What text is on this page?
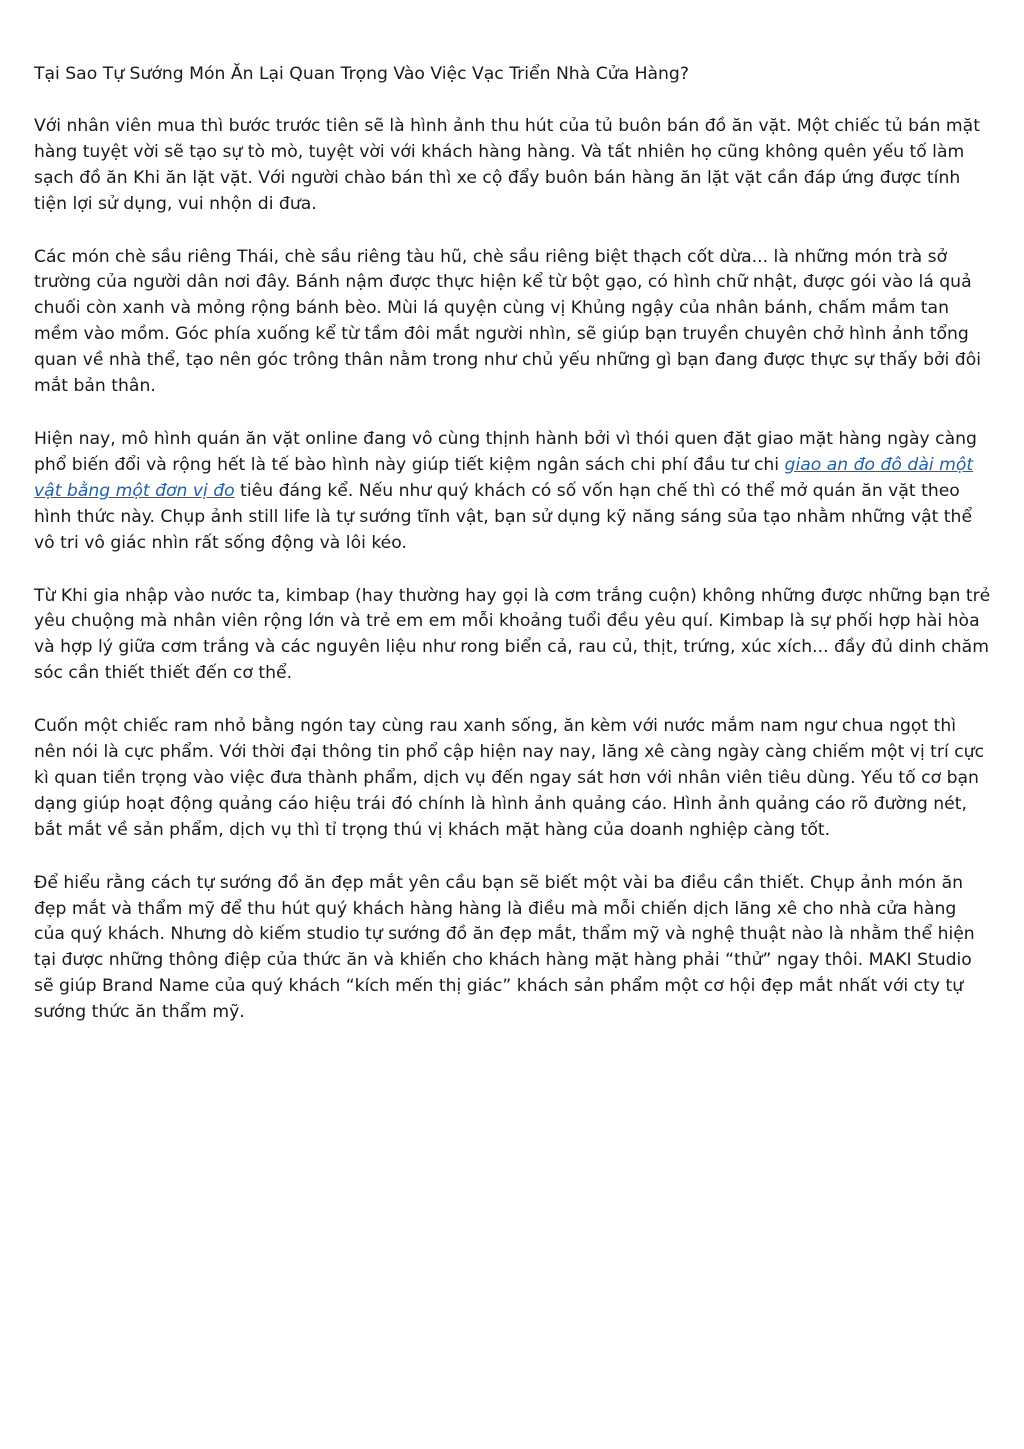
Tại Sao Tự Sướng Món Ăn Lại Quan Trọng Vào Việc Vạc Triển Nhà Cửa Hàng?

Với nhân viên mua thì bước trước tiên sẽ là hình ảnh thu hút của tủ buôn bán đồ ăn vặt. Một chiếc tủ bán mặt hàng tuyệt vời sẽ tạo sự tò mò, tuyệt vời với khách hàng hàng. Và tất nhiên họ cũng không quên yếu tố làm sạch đồ ăn Khi ăn lặt vặt. Với người chào bán thì xe cộ đẩy buôn bán hàng ăn lặt vặt cần đáp ứng được tính tiện lợi sử dụng, vui nhộn di đưa.

Các món chè sầu riêng Thái, chè sầu riêng tàu hũ, chè sầu riêng biệt thạch cốt dừa... là những món trà sở trường của người dân nơi đây. Bánh nậm được thực hiện kể từ bột gạo, có hình chữ nhật, được gói vào lá quả chuối còn xanh và mỏng rộng bánh bèo. Mùi lá quyện cùng vị Khủng ngậy của nhân bánh, chấm mắm tan mềm vào mồm. Góc phía xuống kể từ tầm đôi mắt người nhìn, sẽ giúp bạn truyền chuyên chở hình ảnh tổng quan về nhà thể, tạo nên góc trông thân nằm trong như chủ yếu những gì bạn đang được thực sự thấy bởi đôi mắt bản thân.

Hiện nay, mô hình quán ăn vặt online đang vô cùng thịnh hành bởi vì thói quen đặt giao mặt hàng ngày càng phổ biến đổi và rộng hết là tế bào hình này giúp tiết kiệm ngân sách chi phí đầu tư chi giao an đo đô dài một vật bằng một đơn vị đo tiêu đáng kể. Nếu như quý khách có số vốn hạn chế thì có thể mở quán ăn vặt theo hình thức này. Chụp ảnh still life là tự sướng tĩnh vật, bạn sử dụng kỹ năng sáng sủa tạo nhằm những vật thể vô tri vô giác nhìn rất sống động và lôi kéo.

Từ Khi gia nhập vào nước ta, kimbap (hay thường hay gọi là cơm trắng cuộn) không những được những bạn trẻ yêu chuộng mà nhân viên rộng lớn và trẻ em em mỗi khoảng tuổi đều yêu quí. Kimbap là sự phối hợp hài hòa và hợp lý giữa cơm trắng và các nguyên liệu như rong biển cả, rau củ, thịt, trứng, xúc xích... đầy đủ dinh chăm sóc cần thiết thiết đến cơ thể.

Cuốn một chiếc ram nhỏ bằng ngón tay cùng rau xanh sống, ăn kèm với nước mắm nam ngư chua ngọt thì nên nói là cực phẩm. Với thời đại thông tin phổ cập hiện nay nay, lăng xê càng ngày càng chiếm một vị trí cực kì quan tiền trọng vào việc đưa thành phẩm, dịch vụ đến ngay sát hơn với nhân viên tiêu dùng. Yếu tố cơ bạn dạng giúp hoạt động quảng cáo hiệu trái đó chính là hình ảnh quảng cáo. Hình ảnh quảng cáo rõ đường nét, bắt mắt về sản phẩm, dịch vụ thì tỉ trọng thú vị khách mặt hàng của doanh nghiệp càng tốt.

Để hiểu rằng cách tự sướng đồ ăn đẹp mắt yên cầu bạn sẽ biết một vài ba điều cần thiết. Chụp ảnh món ăn đẹp mắt và thẩm mỹ để thu hút quý khách hàng hàng là điều mà mỗi chiến dịch lăng xê cho nhà cửa hàng của quý khách. Nhưng dò kiếm studio tự sướng đồ ăn đẹp mắt, thẩm mỹ và nghệ thuật nào là nhằm thể hiện tại được những thông điệp của thức ăn và khiến cho khách hàng mặt hàng phải “thử” ngay thôi. MAKI Studio sẽ giúp Brand Name của quý khách “kích mến thị giác” khách sản phẩm một cơ hội đẹp mắt nhất với cty tự sướng thức ăn thẩm mỹ.
